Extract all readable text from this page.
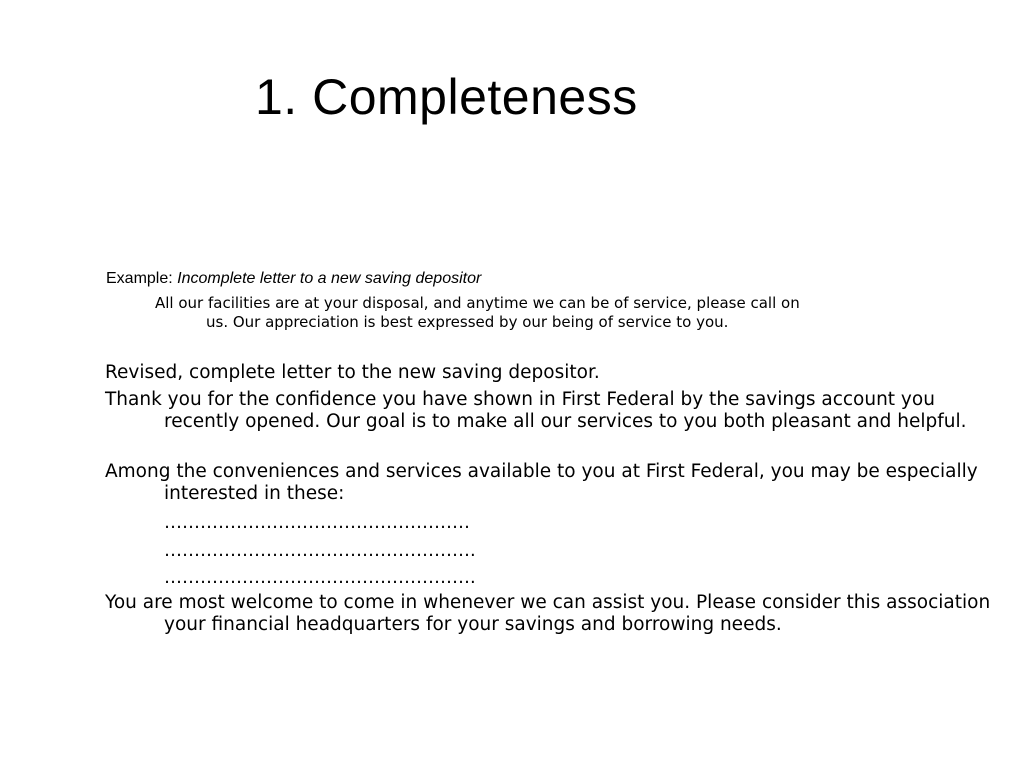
1. Completeness
Example: Incomplete letter to a new saving depositor
All our facilities are at your disposal, and anytime we can be of service, please call on
us. Our appreciation is best expressed by our being of service to you.
Revised, complete letter to the new saving depositor.
Thank you for the confidence you have shown in First Federal by the savings account you recently opened. Our goal is to make all our services to you both pleasant and helpful.
Among the conveniences and services available to you at First Federal, you may be especially interested in these:
……………………………………………
…………………………………………….
…………………………………………….
You are most welcome to come in whenever we can assist you. Please consider this association your financial headquarters for your savings and borrowing needs.
